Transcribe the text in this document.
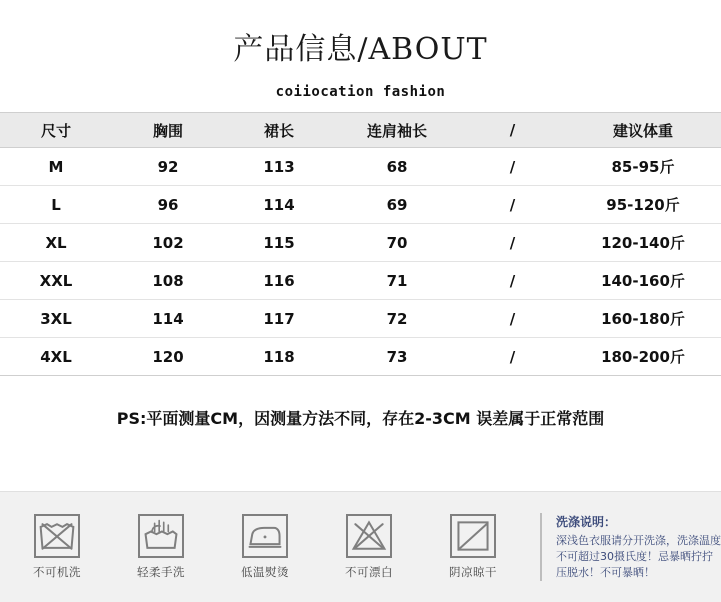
产品信息/ABOUT
coiiocation fashion
尺寸	胸围	裙长	连肩袖长	/	建议体重
M	92	113	68	/	85-95斤
L	96	114	69	/	95-120斤
XL	102	115	70	/	120-140斤
XXL	108	116	71	/	140-160斤
3XL	114	117	72	/	160-180斤
4XL	120	118	73	/	180-200斤
PS:平面测量CM，因测量方法不同，存在2-3CM 误差属于正常范围
不可机洗	轻柔手洗	低温熨烫	不可漂白	阴凉晾干
洗涤说明：
深浅色衣服请分开洗涤，洗涤温度不可超过30摄氏度！忌暴晒拧拧压脱水！不可暴晒！
